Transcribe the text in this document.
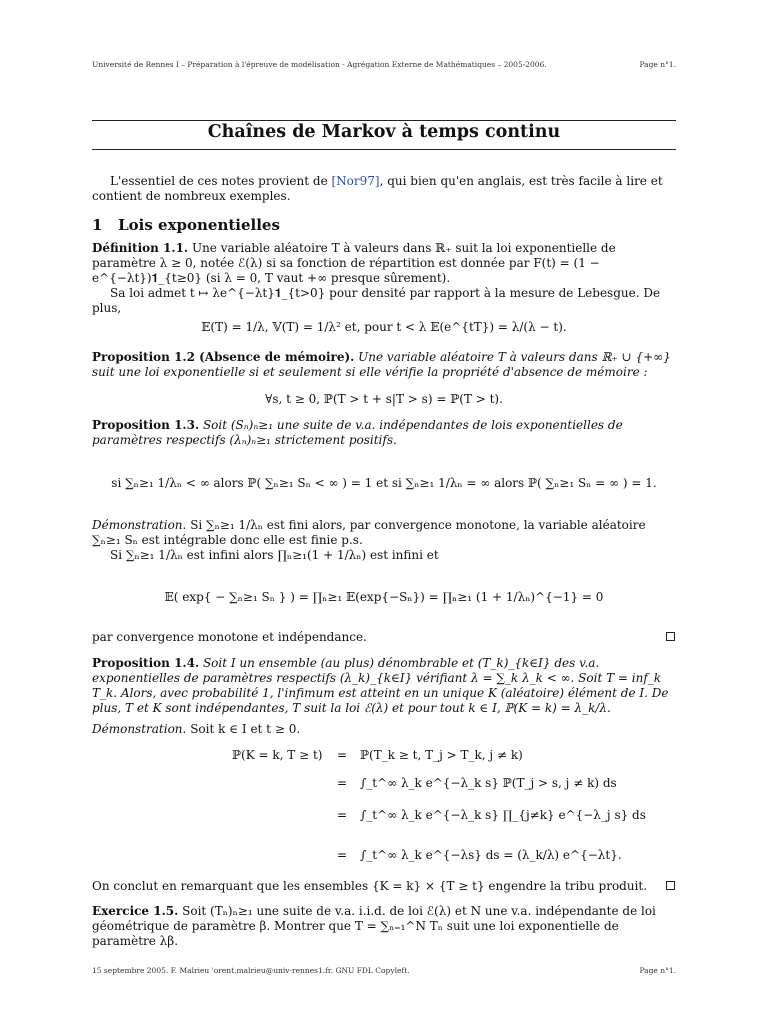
Université de Rennes I – Préparation à l'épreuve de modélisation - Agrégation Externe de Mathématiques – 2005-2006.	Page n°1.
Chaînes de Markov à temps continu
L'essentiel de ces notes provient de [Nor97], qui bien qu'en anglais, est très facile à lire et contient de nombreux exemples.
1 Lois exponentielles
Définition 1.1. Une variable aléatoire T à valeurs dans ℝ₊ suit la loi exponentielle de paramètre λ ≥ 0, notée ℰ(λ) si sa fonction de répartition est donnée par F(t) = (1 − e^{−λt})𝟏_{t≥0} (si λ = 0, T vaut +∞ presque sûrement).
Sa loi admet t ↦ λe^{−λt}𝟏_{t>0} pour densité par rapport à la mesure de Lebesgue. De plus,
𝔼(T) = 1/λ, 𝕍(T) = 1/λ² et, pour t < λ 𝔼(e^{tT}) = λ/(λ − t).
Proposition 1.2 (Absence de mémoire). Une variable aléatoire T à valeurs dans ℝ₊ ∪ {+∞} suit une loi exponentielle si et seulement si elle vérifie la propriété d'absence de mémoire :
∀s, t ≥ 0, ℙ(T > t + s|T > s) = ℙ(T > t).
Proposition 1.3. Soit (Sₙ)ₙ≥₁ une suite de v.a. indépendantes de lois exponentielles de paramètres respectifs (λₙ)ₙ≥₁ strictement positifs.
si ∑ₙ≥₁ 1/λₙ < ∞ alors ℙ( ∑ₙ≥₁ Sₙ < ∞ ) = 1 et si ∑ₙ≥₁ 1/λₙ = ∞ alors ℙ( ∑ₙ≥₁ Sₙ = ∞ ) = 1.
Démonstration. Si ∑ₙ≥₁ 1/λₙ est fini alors, par convergence monotone, la variable aléatoire ∑ₙ≥₁ Sₙ est intégrable donc elle est finie p.s.
Si ∑ₙ≥₁ 1/λₙ est infini alors ∏ₙ≥₁(1 + 1/λₙ) est infini et
𝔼( exp{ − ∑ₙ≥₁ Sₙ } ) = ∏ₙ≥₁ 𝔼(exp{−Sₙ}) = ∏ₙ≥₁ (1 + 1/λₙ)^{−1} = 0
par convergence monotone et indépendance.
Proposition 1.4. Soit I un ensemble (au plus) dénombrable et (T_k)_{k∈I} des v.a. exponentielles de paramètres respectifs (λ_k)_{k∈I} vérifiant λ = ∑_k λ_k < ∞. Soit T = inf_k T_k. Alors, avec probabilité 1, l'infimum est atteint en un unique K (aléatoire) élément de I. De plus, T et K sont indépendantes, T suit la loi ℰ(λ) et pour tout k ∈ I, ℙ(K = k) = λ_k/λ.
Démonstration. Soit k ∈ I et t ≥ 0.
ℙ(K = k, T ≥ t) = ℙ(T_k ≥ t, T_j > T_k, j ≠ k)
= ∫_t^∞ λ_k e^{−λ_k s} ℙ(T_j > s, j ≠ k) ds
= ∫_t^∞ λ_k e^{−λ_k s} ∏_{j≠k} e^{−λ_j s} ds
= ∫_t^∞ λ_k e^{−λs} ds = (λ_k/λ) e^{−λt}.
On conclut en remarquant que les ensembles {K = k} × {T ≥ t} engendre la tribu produit.
Exercice 1.5. Soit (Tₙ)ₙ≥₁ une suite de v.a. i.i.d. de loi ℰ(λ) et N une v.a. indépendante de loi géométrique de paramètre β. Montrer que T = ∑ₙ₌₁^N Tₙ suit une loi exponentielle de paramètre λβ.
15 septembre 2005. F. Malrieu 'orent.malrieu@univ-rennes1.fr. GNU FDL Copyleft.	Page n°1.
